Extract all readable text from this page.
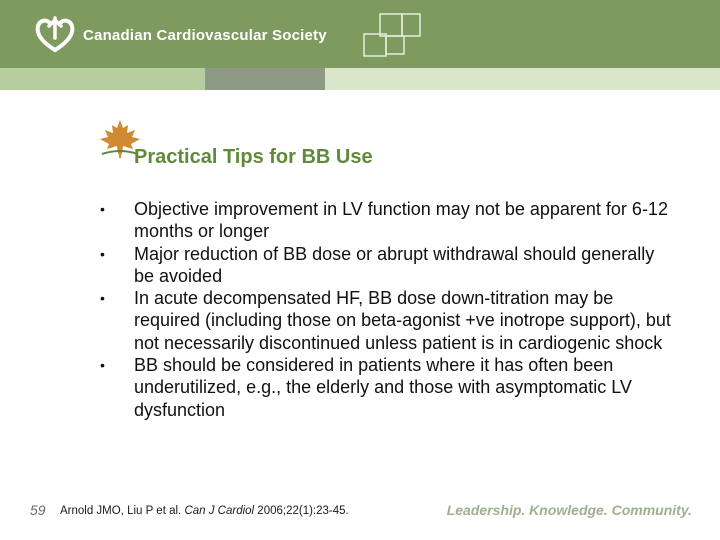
Canadian Cardiovascular Society
Practical Tips for BB Use
• Objective improvement in LV function may not be apparent for 6-12 months or longer
• Major reduction of BB dose or abrupt withdrawal should generally be avoided
• In acute decompensated HF, BB dose down-titration may be required (including those on beta-agonist +ve inotrope support), but not necessarily discontinued unless patient is in cardiogenic shock
• BB should be considered in patients where it has often been underutilized, e.g., the elderly and those with asymptomatic LV dysfunction
59 Arnold JMO, Liu P et al. Can J Cardiol 2006;22(1):23-45.	Leadership. Knowledge. Community.
